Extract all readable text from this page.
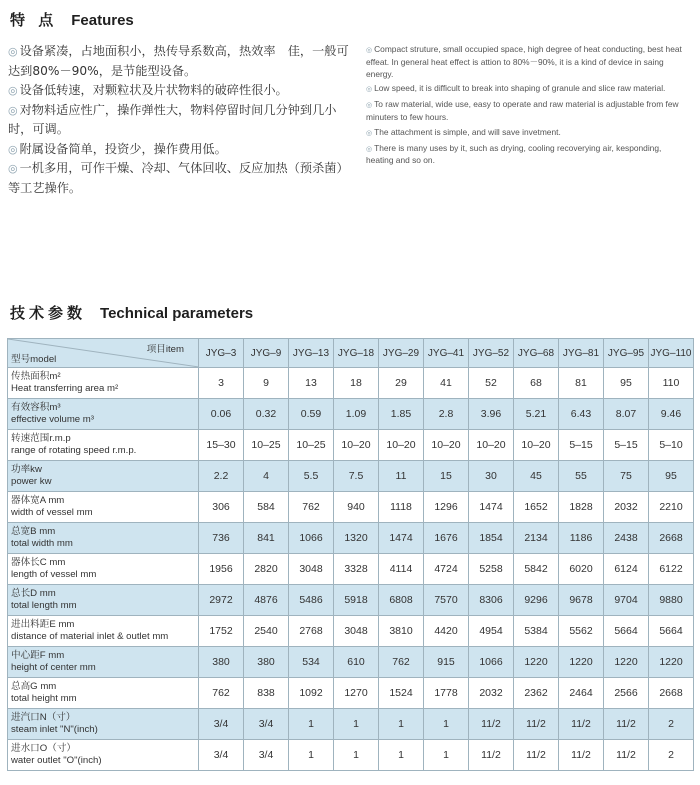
特 点 Features

◎ 设备紧凑，占地面积小，热传导系数高，热效率　佳，一般可达到80%－90%，是节能型设备。

◎ 设备低转速，对颗粒状及片状物料的破碎性很小。

◎ 对物料适应性广，操作弹性大，物料停留时间几分钟到几小时，可调。

◎ 附属设备简单，投资少，操作费用低。

◎ 一机多用，可作干燥、冷却、气体回收、反应加热（预杀菌）等工艺操作。

◎ Compact struture, small occupied space, high degree of heat conducting, best heat effeat. In general heat effect is attion to 80%－90%, it is a kind of device in saing energy.

◎ Low speed, it is difficult to break into shaping of granule and slice raw material.

◎ To raw material, wide use, easy to operate and raw material is adjustable from few minuters to few hours.

◎ The attachment is simple, and will save invetment.

◎ There is many uses by it, such as drying, cooling recoverying air, kesponding, heating and so on.

技术参数 Technical parameters
项目item
型号model	JYG–3	JYG–9	JYG–13	JYG–18	JYG–29	JYG–41	JYG–52	JYG–68	JYG–81	JYG–95	JYG–110

传热面积m²
Heat transferring area m²	3	9	13	18	29	41	52	68	81	95	110

有效容积m³
effective volume m³	0.06	0.32	0.59	1.09	1.85	2.8	3.96	5.21	6.43	8.07	9.46

转速范围r.m.p
range of rotating speed r.m.p.	15–30	10–25	10–25	10–20	10–20	10–20	10–20	10–20	5–15	5–15	5–10

功率kw
power kw	2.2	4	5.5	7.5	11	15	30	45	55	75	95

器体宽A mm
width of vessel mm	306	584	762	940	1118	1296	1474	1652	1828	2032	2210

总宽B mm
total width mm	736	841	1066	1320	1474	1676	1854	2134	1186	2438	2668

器体长C mm
length of vessel mm	1956	2820	3048	3328	4114	4724	5258	5842	6020	6124	6122

总长D mm
total length mm	2972	4876	5486	5918	6808	7570	8306	9296	9678	9704	9880

进出料距E mm
distance of material inlet & outlet mm	1752	2540	2768	3048	3810	4420	4954	5384	5562	5664	5664

中心距F mm
height of center mm	380	380	534	610	762	915	1066	1220	1220	1220	1220

总高G mm
total height mm	762	838	1092	1270	1524	1778	2032	2362	2464	2566	2668

进汽口N（寸）
steam inlet "N"(inch)	3/4	3/4	1	1	1	1	11/2	11/2	11/2	11/2	2

进水口O（寸）
water outlet "O"(inch)	3/4	3/4	1	1	1	1	11/2	11/2	11/2	11/2	2
